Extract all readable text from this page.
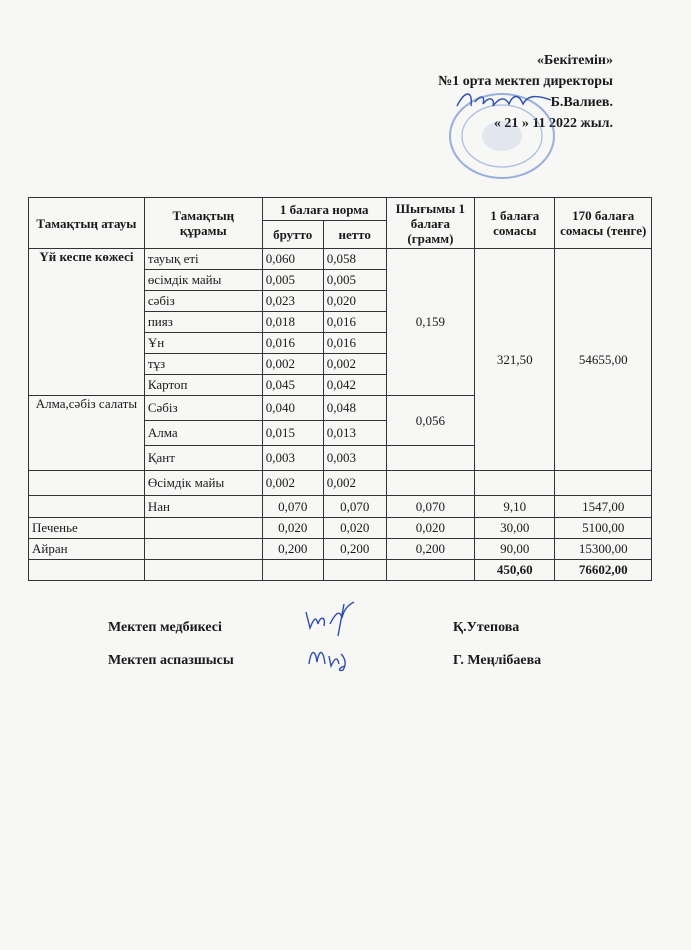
«Бекітемін»
№1 орта мектеп директоры
Б.Валиев.
« 21 » 11 2022 жыл.
Тамақтың атауы	Тамақтың құрамы	1 балаға норма		Шығымы 1 балаға (грамм)	1 балаға сомасы	170 балаға сомасы (тенге)
		брутто	нетто			
Үй кеспе көжесі	тауық еті	0,060	0,058	0,159	321,50	54655,00
	өсімдік майы	0,005	0,005			
	сәбіз	0,023	0,020			
	пияз	0,018	0,016			
	Ұн	0,016	0,016			
	тұз	0,002	0,002			
	Картоп	0,045	0,042			
Алма,сәбіз салаты	Сәбіз	0,040	0,048	0,056		
	Алма	0,015	0,013			
	Қант	0,003	0,003			
	Өсімдік майы	0,002	0,002			
	Нан	0,070	0,070	0,070	9,10	1547,00
Печенье		0,020	0,020	0,020	30,00	5100,00
Айран		0,200	0,200	0,200	90,00	15300,00
					450,60	76602,00
Мектеп медбикесі	Қ.Утепова
Мектеп аспазшысы	Г. Меңлібаева
